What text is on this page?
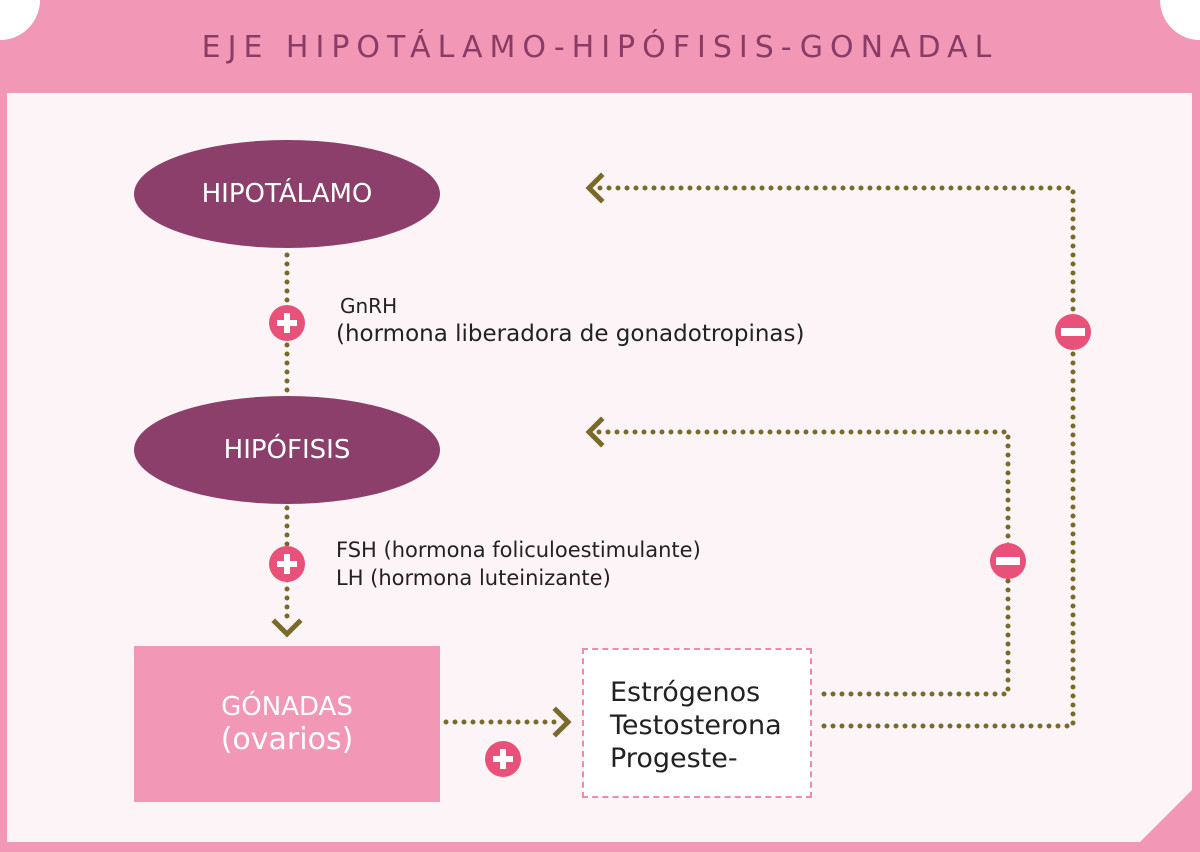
EJE HIPOTÁLAMO-HIPÓFISIS-GONADAL
HIPOTÁLAMO
HIPÓFISIS
GÓNADAS
(ovarios)
Estrógenos
Testosterona
Progeste-
GnRH
(hormona liberadora de gonadotropinas)
FSH (hormona foliculoestimulante)
LH (hormona luteinizante)
